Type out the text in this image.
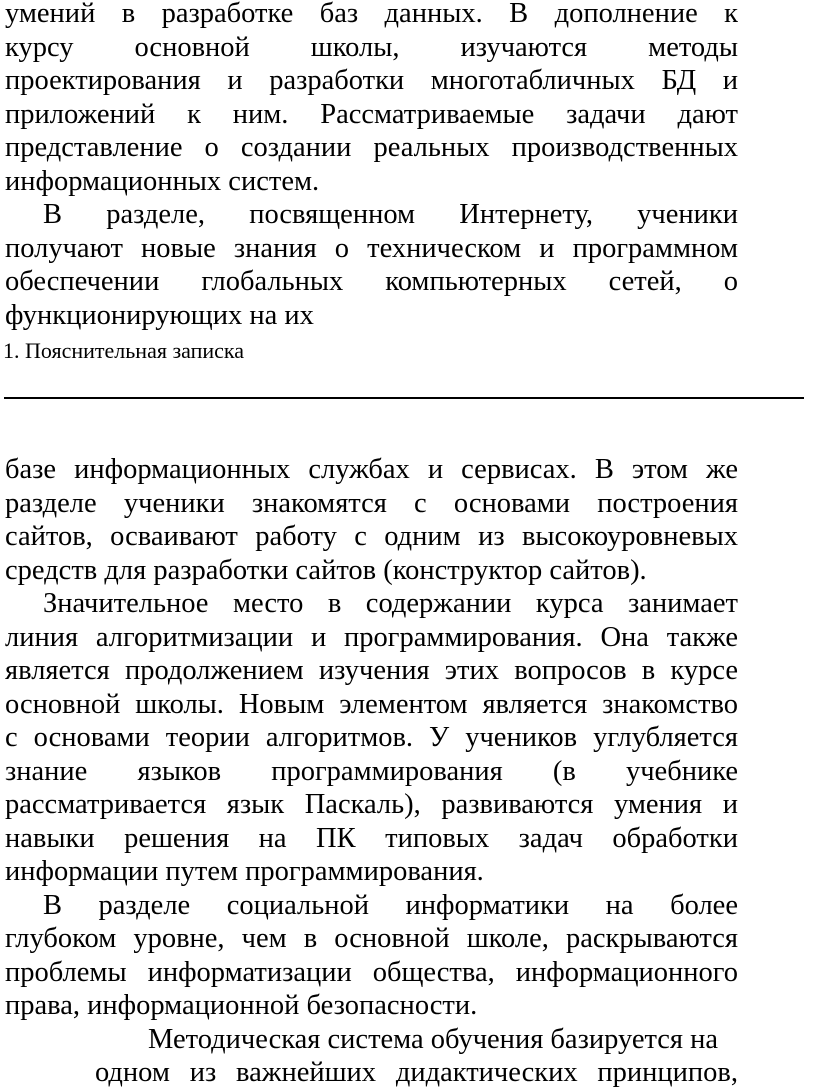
умений в разработке баз данных. В дополнение к
курсу основной школы, изучаются методы
проектирования и разработки многотабличных БД и
приложений к ним. Рассматриваемые задачи дают
представление о создании реальных производственных
информационных систем.
В разделе, посвященном Интернету, ученики
получают новые знания о техническом и программном
обеспечении глобальных компьютерных сетей, о
функционирующих на их
1. Пояснительная записка
базе информационных службах и сервисах. В этом же
разделе ученики знакомятся с основами построения
сайтов, осваивают работу с одним из высокоуровневых
средств для разработки сайтов (конструктор сайтов).
Значительное место в содержании курса занимает
линия алгоритмизации и программирования. Она также
является продолжением изучения этих вопросов в курсе
основной школы. Новым элементом является знакомство
с основами теории алгоритмов. У учеников углубляется
знание языков программирования (в учебнике
рассматривается язык Паскаль), развиваются умения и
навыки решения на ПК типовых задач обработки
информации путем программирования.
В разделе социальной информатики на более
глубоком уровне, чем в основной школе, раскрываются
проблемы информатизации общества, информационного
права, информационной безопасности.
Методическая система обучения базируется на
одном из важнейших дидактических принципов,
